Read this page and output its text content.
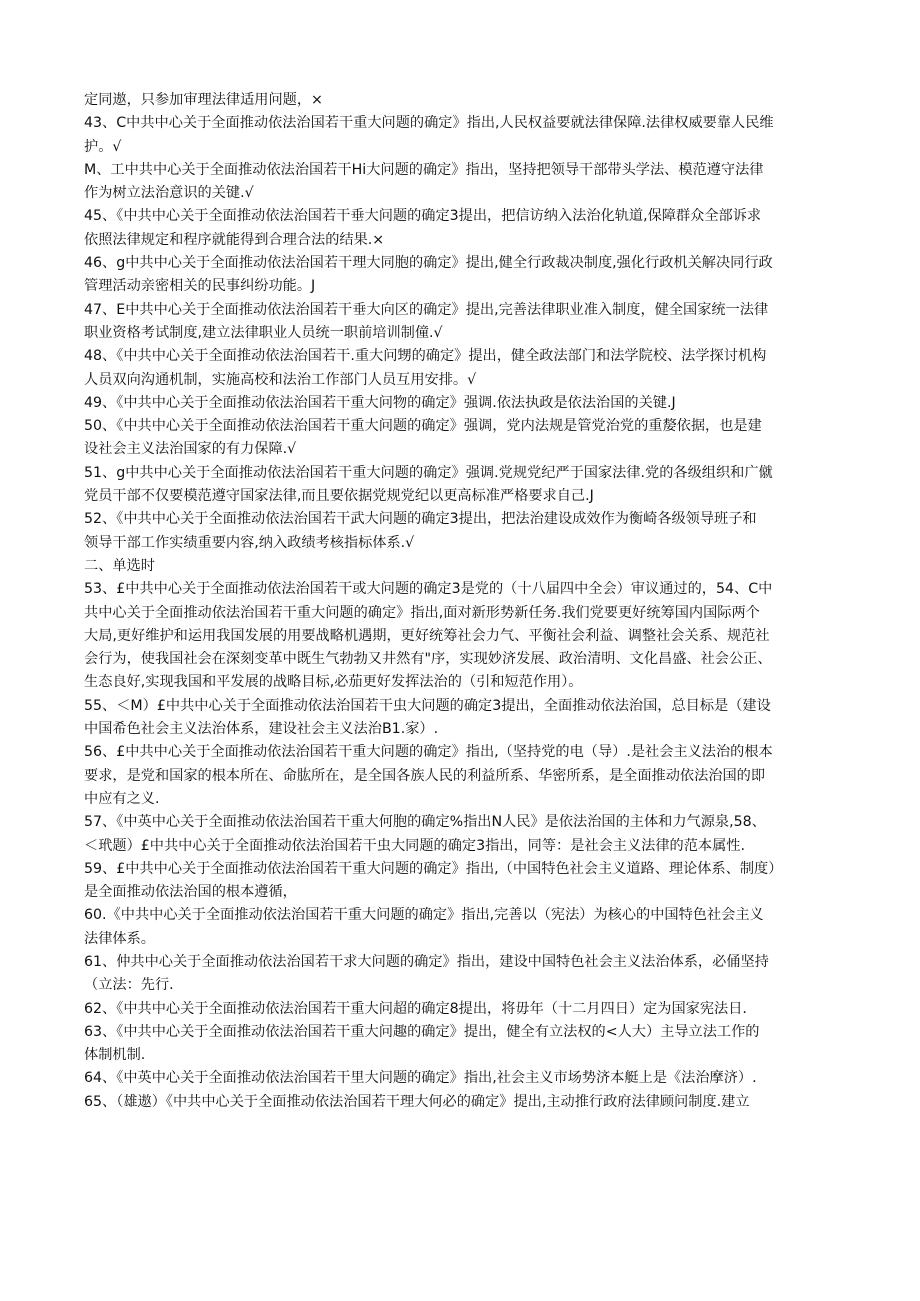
定同遨，只参加审理法律适用问题，×
43、C中共中心关于全面推动依法治国若干重大问题的确定》指出,人民权益要就法律保障.法律权威要靠人民维
护。√
M、工中共中心关于全面推动依法治国若干Hi大问题的确定》指出，坚持把领导干部带头学法、模范遵守法律
作为树立法治意识的关键.√
45、《中共中心关于全面推动依法治国若干垂大问题的确定3提出，把信访纳入法治化轨道,保障群众全部诉求
依照法律规定和程序就能得到合理合法的结果.×
46、g中共中心关于全面推动依法治国若干理大同胞的确定》提出,健全行政裁决制度,强化行政机关解决同行政
管理活动亲密相关的民事纠纷功能。J
47、E中共中心关于全面推动依法治国若干垂大向区的确定》提出,完善法律职业准入制度，健全国家统一法律
职业资格考试制度,建立法律职业人员统一职前培训制僮.√
48、《中共中心关于全面推动依法治国若干.重大问甥的确定》提出，健全政法部门和法学院校、法学探讨机构
人员双向沟通机制，实施高校和法治工作部门人员互用安排。√
49、《中共中心关于全面推动依法治国若干重大问物的确定》强调.依法执政是依法治国的关键.J
50、《中共中心关于全面推动依法治国若干重大问题的确定》强调，党内法规是管党治党的重嫠依据，也是建
设社会主义法治国家的有力保障.√
51、g中共中心关于全面推动依法治国若干重大问题的确定》强调.党规党纪严于国家法律.党的各级组织和广僦
党员干部不仅要模范遵守国家法律,而且要依据党规党纪以更高标准严格要求自己.J
52、《中共中心关于全面推动依法治国若干武大问题的确定3提出，把法治建设成效作为衡崎各级领导班子和
领导干部工作实绩重要内容,纳入政绩考核指标体系.√
二、单选时
53、£中共中心关于全面推动依法治国若干或大问题的确定3是党的（十八届四中全会）审议通过的，54、C中
共中心关于全面推动依法治国若干重大问题的确定》指出,面对新形势新任务.我们党要更好统筹国内国际两个
大局,更好维护和运用我国发展的用要战略机遇期，更好统筹社会力气、平衡社会利益、调整社会关系、规范社
会行为，使我国社会在深刻变革中既生气勃勃又井然有"序，实现妙济发展、政治清明、文化昌盛、社会公正、
生态良好,实现我国和平发展的战略目标,必茄更好发挥法治的（引和短范作用）。
55、＜M）£中共中心关于全面推动依法治国若干虫大问题的确定3提出，全面推动依法治国，总目标是（建设
中国希色社会主义法治体系，建设社会主义法治B1.家）.
56、£中共中心关于全面推动依法治国若干重大问题的确定》指出,（坚持党的电（导）.是社会主义法治的根本
要求，是党和国家的根本所在、命肱所在，是全国各族人民的利益所系、华密所系，是全面推动依法治国的即
中应有之义.
57、《中英中心关于全面推动依法治国若干重大何胞的确定%指出N人民》是依法治国的主体和力气源泉,58、
＜玳题）£中共中心关于全面推动依法治国若干虫大同题的确定3指出，同等：是社会主义法律的范本属性.
59、£中共中心关于全面推动依法治国若干重大问题的确定》指出,（中国特色社会主义道路、理论体系、制度）
是全面推动依法治国的根本遵循，
60.《中共中心关于全面推动依法治国若干重大问题的确定》指出,完善以（宪法）为核心的中国特色社会主义
法律体系。
61、仲共中心关于全面推动依法治国若干求大问题的确定》指出，建设中国特色社会主义法治体系，必俑坚持
（立法：先行.
62、《中共中心关于全面推动依法治国若干重大问超的确定8提出，将毋年（十二月四日）定为国家宪法日.
63、《中共中心关于全面推动依法治国若干重大问趣的确定》提出，健全有立法权的<人大）主导立法工作的
体制机制.
64、《中英中心关于全面推动依法治国若干里大问题的确定》指出,社会主义市场势济本艇上是《法治摩济）.
65、（雄遨）《中共中心关于全面推动依法治国若干理大何必的确定》提出,主动推行政府法律顾问制度.建立
